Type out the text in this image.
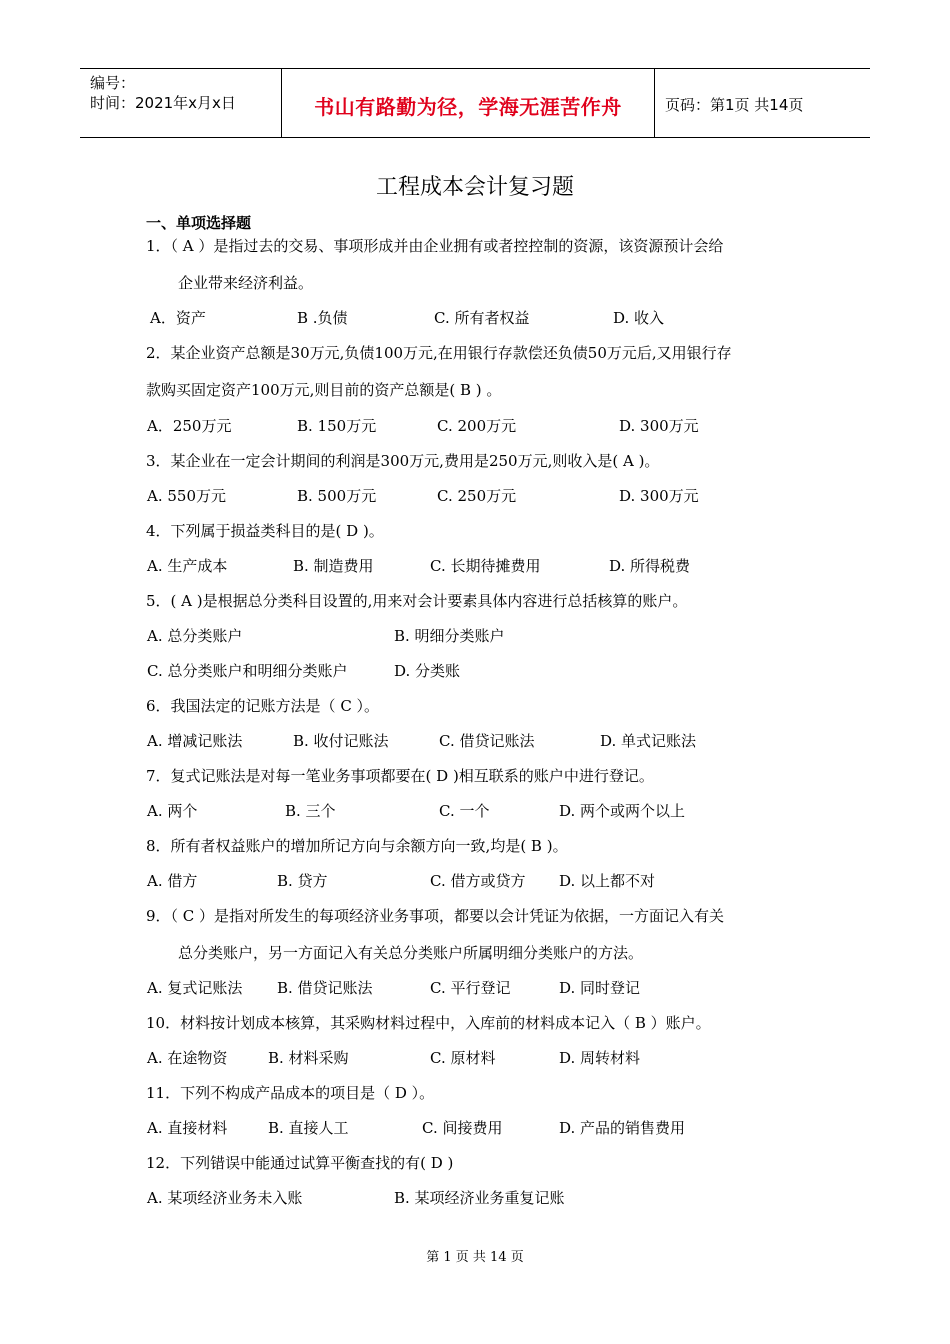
编号：
时间：2021年x月x日	书山有路勤为径，学海无涯苦作舟	页码：第1页 共14页
工程成本会计复习题
一、单项选择题
1．（ A ）是指过去的交易、事项形成并由企业拥有或者控控制的资源，该资源预计会给
企业带来经济利益。
A．资产	B .负债	C. 所有者权益	D. 收入
2．某企业资产总额是30万元,负债100万元,在用银行存款偿还负债50万元后,又用银行存
款购买固定资产100万元,则目前的资产总额是( B ) 。
A．250万元	B. 150万元	C. 200万元	D. 300万元
3．某企业在一定会计期间的利润是300万元,费用是250万元,则收入是( A )。
A. 550万元	B. 500万元	C. 250万元	D. 300万元
4．下列属于损益类科目的是( D )。
A. 生产成本	B. 制造费用	C. 长期待摊费用	D. 所得税费
5．( A )是根据总分类科目设置的,用来对会计要素具体内容进行总括核算的账户。
A. 总分类账户	B. 明细分类账户
C. 总分类账户和明细分类账户	D. 分类账
6．我国法定的记账方法是（ C ）。
A. 增减记账法	B. 收付记账法	C. 借贷记账法	D. 单式记账法
7．复式记账法是对每一笔业务事项都要在( D )相互联系的账户中进行登记。
A. 两个	B. 三个	C. 一个	D. 两个或两个以上
8．所有者权益账户的增加所记方向与余额方向一致,均是( B )。
A. 借方	B. 贷方	C. 借方或贷方 D. 以上都不对
9．（ C ）是指对所发生的每项经济业务事项，都要以会计凭证为依据，一方面记入有关
总分类账户，另一方面记入有关总分类账户所属明细分类账户的方法。
A. 复式记账法 B. 借贷记账法	C. 平行登记	D. 同时登记
10．材料按计划成本核算，其采购材料过程中，入库前的材料成本记入（ B ）账户。
A. 在途物资	B. 材料采购	C. 原材料	D. 周转材料
11．下列不构成产品成本的项目是（ D ）。
A. 直接材料	B. 直接人工	C. 间接费用	D. 产品的销售费用
12．下列错误中能通过试算平衡查找的有( D )
A. 某项经济业务未入账	B. 某项经济业务重复记账
第 1 页 共 14 页
